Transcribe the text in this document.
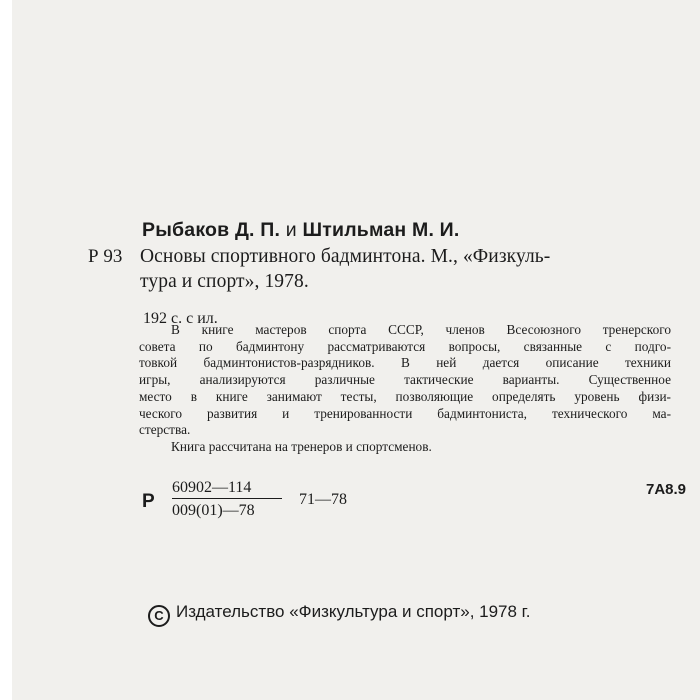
Рыбаков Д. П. и Штильман М. И.
Р 93 Основы спортивного бадминтона. М., «Физкуль-
тура и спорт», 1978.
192 с. с ил.

В книге мастеров спорта СССР, членов Всесоюзного тренерского

совета по бадминтону рассматриваются вопросы, связанные с подго-

товкой бадминтонистов-разрядников. В ней дается описание техники

игры, анализируются различные тактические варианты. Существенное

место в книге занимают тесты, позволяющие определять уровень физи-

ческого развития и тренированности бадминтониста, технического ма-

стерства.

Книга рассчитана на тренеров и спортсменов.

Р
60902—114
009(01)—78
71—78
7А8.9
С Издательство «Физкультура и спорт», 1978 г.
